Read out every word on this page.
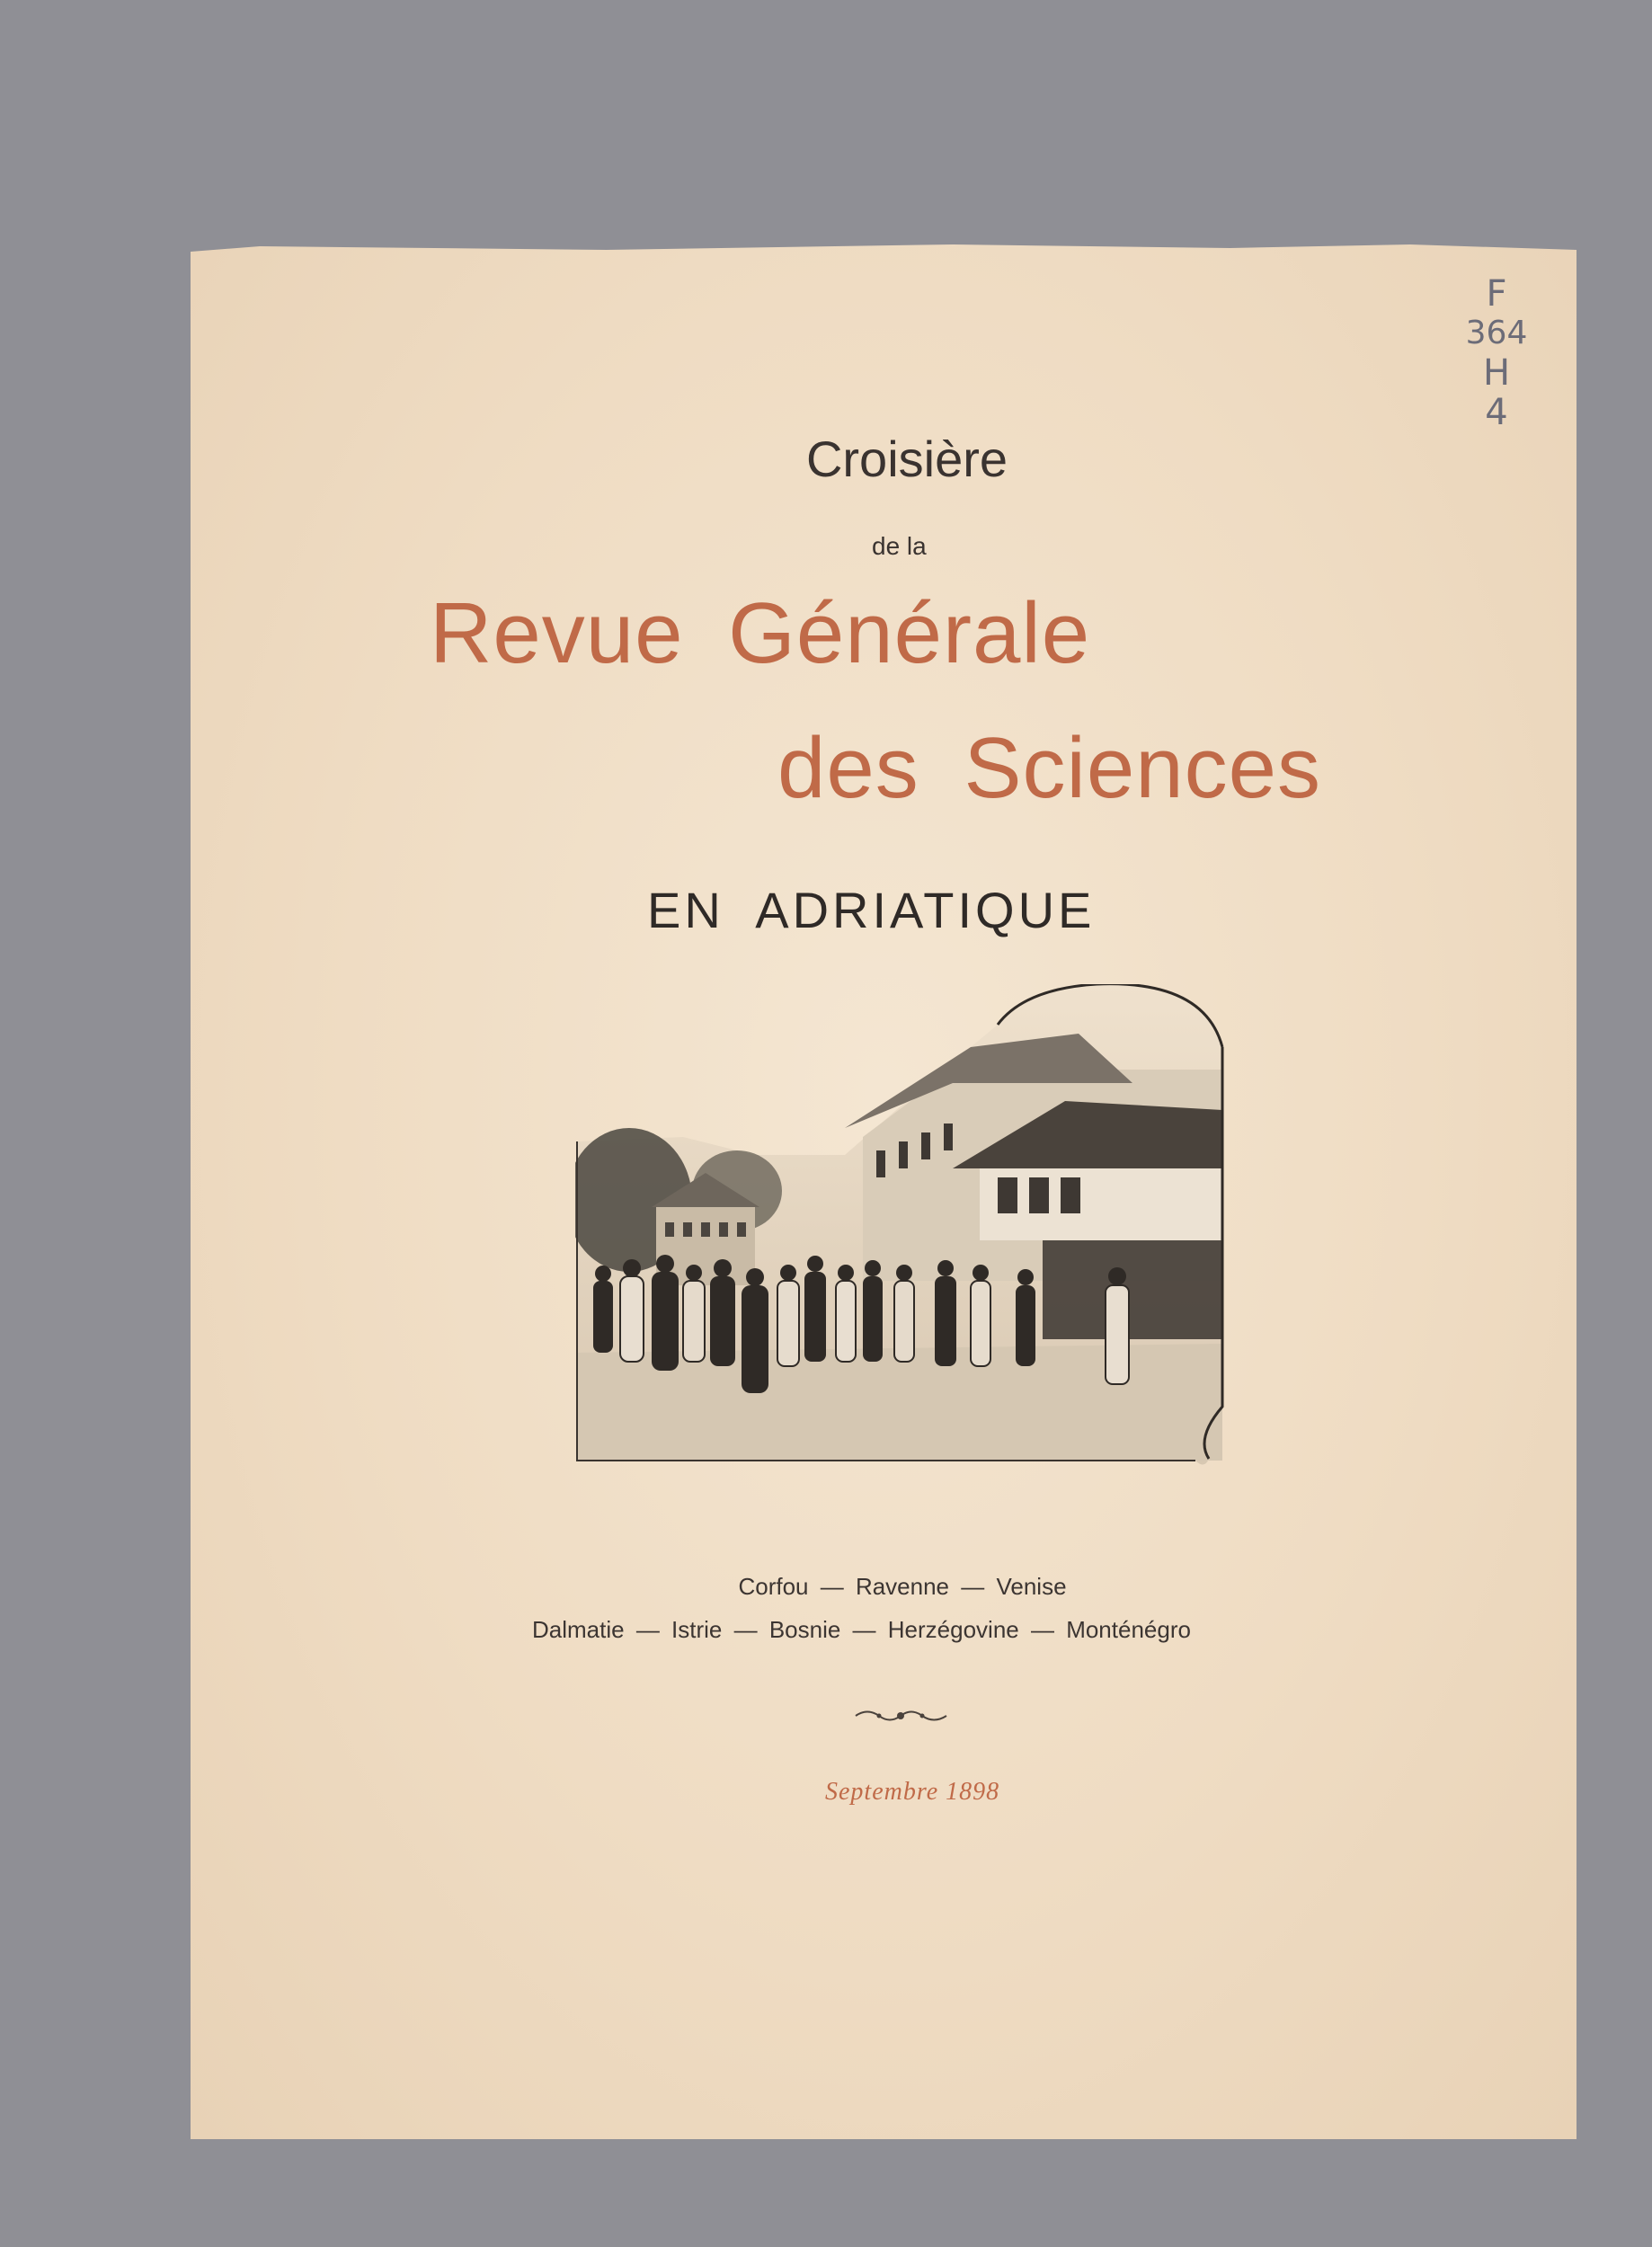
F
364
H
4
Croisière
de la
Revue Générale
des Sciences
EN ADRIATIQUE
Corfou — Ravenne — Venise
Dalmatie — Istrie — Bosnie — Herzégovine — Monténégro
Septembre 1898
